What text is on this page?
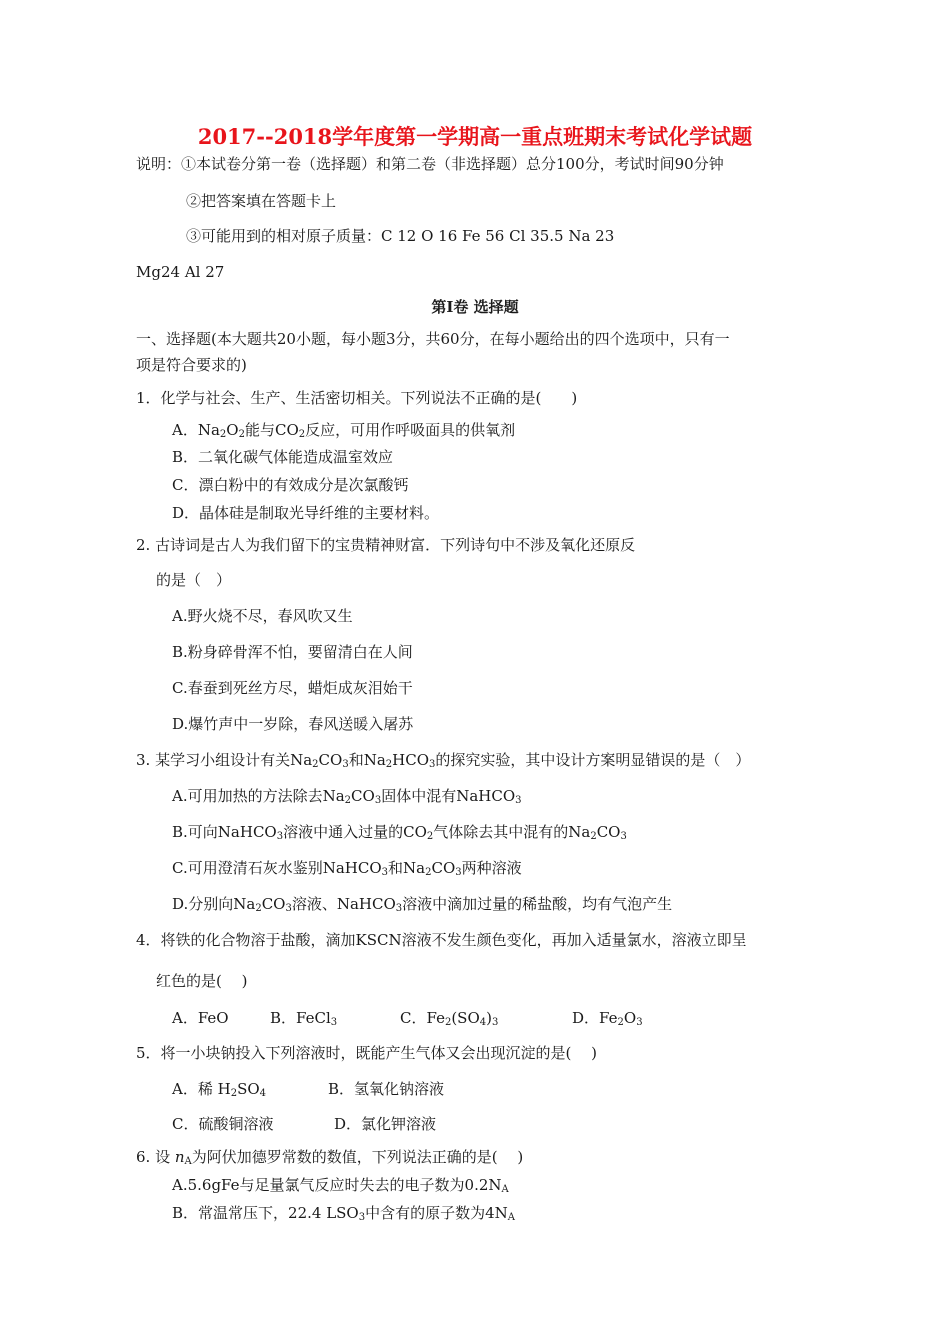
2017--2018学年度第一学期高一重点班期末考试化学试题
说明：①本试卷分第一卷（选择题）和第二卷（非选择题）总分100分，考试时间90分钟
②把答案填在答题卡上
③可能用到的相对原子质量：C 12 O 16 Fe 56 Cl 35.5 Na 23
Mg24 Al 27
第Ⅰ卷 选择题
一、选择题(本大题共20小题，每小题3分，共60分，在每小题给出的四个选项中，只有一
项是符合要求的)
1．化学与社会、生产、生活密切相关。下列说法不正确的是(　　)
A．$Na_2O_2$能与$CO_2$反应，可用作呼吸面具的供氧剂
B．二氧化碳气体能造成温室效应
C．漂白粉中的有效成分是次氯酸钙
D．晶体硅是制取光导纤维的主要材料。
2. 古诗词是古人为我们留下的宝贵精神财富．下列诗句中不涉及氧化还原反
的是（　）
A.野火烧不尽，春风吹又生
B.粉身碎骨浑不怕，要留清白在人间
C.春蚕到死丝方尽，蜡炬成灰泪始干
D.爆竹声中一岁除，春风送暖入屠苏
3. 某学习小组设计有关$Na_2CO_3$和$Na_2HCO_3$的探究实验，其中设计方案明显错误的是（　）
A.可用加热的方法除去$Na_2CO_3$固体中混有NaHCO$_3$
B.可向NaHCO$_3$溶液中通入过量的$CO_2$气体除去其中混有的$Na_2CO_3$
C.可用澄清石灰水鉴别NaHCO$_3$和$Na_2CO_3$两种溶液
D.分别向$Na_2CO_3$溶液、NaHCO$_3$溶液中滴加过量的稀盐酸，均有气泡产生
4．将铁的化合物溶于盐酸，滴加KSCN溶液不发生颜色变化，再加入适量氯水，溶液立即呈
红色的是(　 )
A．FeO	B．FeCl$_3$	C．$Fe_2(SO_4)_3$	D．$Fe_2O_3$
5．将一小块钠投入下列溶液时，既能产生气体又会出现沉淀的是(　 )
A．稀 $H_2SO_4$	B．氢氧化钠溶液
C．硫酸铜溶液	D．氯化钾溶液
6. 设 $n_A$为阿伏加德罗常数的数值，下列说法正确的是(　 )
A.5.6gFe与足量氯气反应时失去的电子数为$0.2N_A$
B．常温常压下，22.4 $LSO_3$中含有的原子数为$4N_A$
